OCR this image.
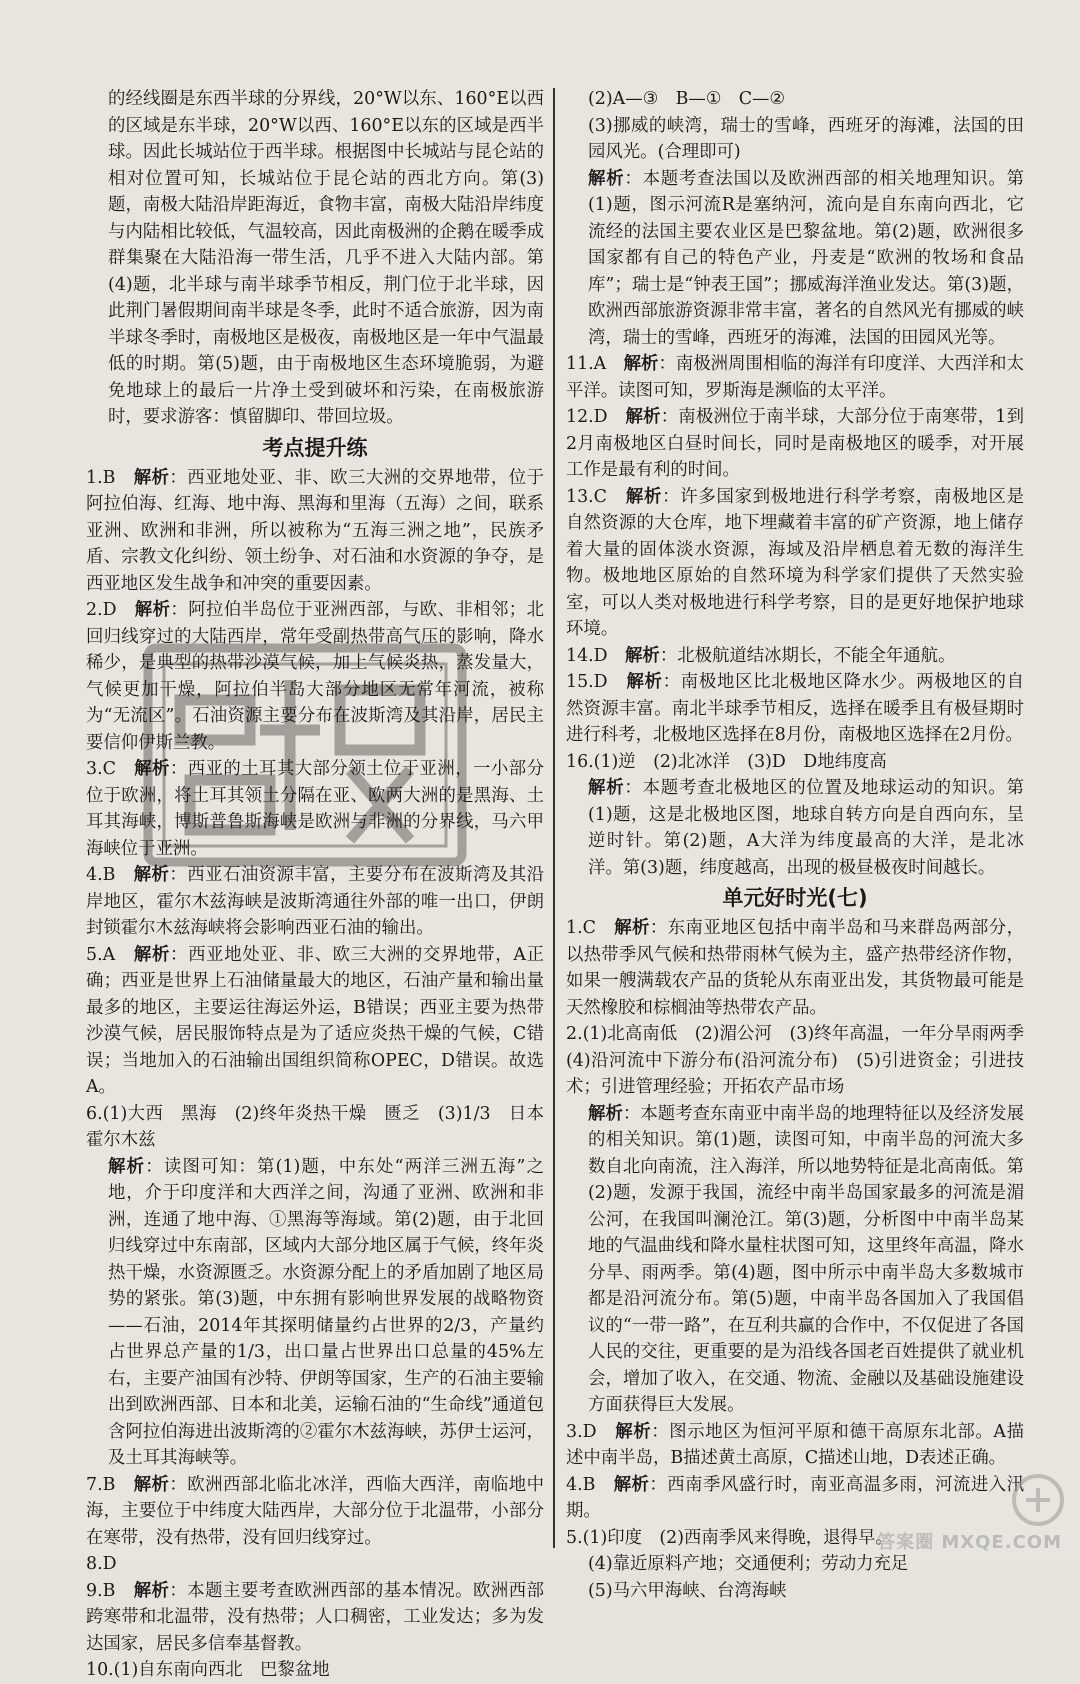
的经线圈是东西半球的分界线，20°W以东、160°E以西的区域是东半球，20°W以西、160°E以东的区域是西半球。因此长城站位于西半球。根据图中长城站与昆仑站的相对位置可知，长城站位于昆仑站的西北方向。第(3)题，南极大陆沿岸距海近，食物丰富，南极大陆沿岸纬度与内陆相比较低，气温较高，因此南极洲的企鹅在暖季成群集聚在大陆沿海一带生活，几乎不进入大陆内部。第(4)题，北半球与南半球季节相反，荆门位于北半球，因此荆门暑假期间南半球是冬季，此时不适合旅游，因为南半球冬季时，南极地区是极夜，南极地区是一年中气温最低的时期。第(5)题，由于南极地区生态环境脆弱，为避免地球上的最后一片净土受到破坏和污染，在南极旅游时，要求游客：慎留脚印、带回垃圾。
考点提升练
1.B　 解析：西亚地处亚、非、欧三大洲的交界地带，位于阿拉伯海、红海、地中海、黑海和里海（五海）之间，联系亚洲、欧洲和非洲，所以被称为“五海三洲之地”，民族矛盾、宗教文化纠纷、领土纷争、对石油和水资源的争夺，是西亚地区发生战争和冲突的重要因素。
2.D　 解析：阿拉伯半岛位于亚洲西部，与欧、非相邻；北回归线穿过的大陆西岸，常年受副热带高气压的影响，降水稀少，是典型的热带沙漠气候，加上气候炎热，蒸发量大，气候更加干燥，阿拉伯半岛大部分地区无常年河流，被称为“无流区”。石油资源主要分布在波斯湾及其沿岸，居民主要信仰伊斯兰教。
3.C　 解析：西亚的土耳其大部分领土位于亚洲，一小部分位于欧洲，将土耳其领土分隔在亚、欧两大洲的是黑海、土耳其海峡，博斯普鲁斯海峡是欧洲与非洲的分界线，马六甲海峡位于亚洲。
4.B　 解析：西亚石油资源丰富，主要分布在波斯湾及其沿岸地区，霍尔木兹海峡是波斯湾通往外部的唯一出口，伊朗封锁霍尔木兹海峡将会影响西亚石油的输出。
5.A　 解析：西亚地处亚、非、欧三大洲的交界地带，A正确；西亚是世界上石油储量最大的地区，石油产量和输出量最多的地区，主要运往海运外运，B错误；西亚主要为热带沙漠气候，居民服饰特点是为了适应炎热干燥的气候，C错误；当地加入的石油输出国组织简称OPEC，D错误。故选A。
6.(1)大西　黑海　(2)终年炎热干燥　匮乏　(3)1/3　日本　霍尔木兹
解析：读图可知：第(1)题，中东处“两洋三洲五海”之地，介于印度洋和大西洋之间，沟通了亚洲、欧洲和非洲，连通了地中海、①黑海等海域。第(2)题，由于北回归线穿过中东南部，区域内大部分地区属于气候，终年炎热干燥，水资源匮乏。水资源分配上的矛盾加剧了地区局势的紧张。第(3)题，中东拥有影响世界发展的战略物资——石油，2014年其探明储量约占世界的2/3，产量约占世界总产量的1/3，出口量占世界出口总量的45%左右，主要产油国有沙特、伊朗等国家，生产的石油主要输出到欧洲西部、日本和北美，运输石油的“生命线”通道包含阿拉伯海进出波斯湾的②霍尔木兹海峡，苏伊士运河，及土耳其海峡等。
7.B　 解析：欧洲西部北临北冰洋，西临大西洋，南临地中海，主要位于中纬度大陆西岸，大部分位于北温带，小部分在寒带，没有热带，没有回归线穿过。
8.D
9.B　 解析：本题主要考查欧洲西部的基本情况。欧洲西部跨寒带和北温带，没有热带；人口稠密，工业发达；多为发达国家，居民多信奉基督教。
10.(1)自东南向西北　巴黎盆地
(2)A—③　B—①　C—②
(3)挪威的峡湾，瑞士的雪峰，西班牙的海滩，法国的田园风光。(合理即可)
解析：本题考查法国以及欧洲西部的相关地理知识。第(1)题，图示河流R是塞纳河，流向是自东南向西北，它流经的法国主要农业区是巴黎盆地。第(2)题，欧洲很多国家都有自己的特色产业，丹麦是“欧洲的牧场和食品库”；瑞士是“钟表王国”；挪威海洋渔业发达。第(3)题，欧洲西部旅游资源非常丰富，著名的自然风光有挪威的峡湾，瑞士的雪峰，西班牙的海滩，法国的田园风光等。
11.A　 解析：南极洲周围相临的海洋有印度洋、大西洋和太平洋。读图可知，罗斯海是濒临的太平洋。
12.D　 解析：南极洲位于南半球，大部分位于南寒带，1到2月南极地区白昼时间长，同时是南极地区的暖季，对开展工作是最有利的时间。
13.C　 解析：许多国家到极地进行科学考察，南极地区是自然资源的大仓库，地下埋藏着丰富的矿产资源，地上储存着大量的固体淡水资源，海域及沿岸栖息着无数的海洋生物。极地地区原始的自然环境为科学家们提供了天然实验室，可以人类对极地进行科学考察，目的是更好地保护地球环境。
14.D　 解析：北极航道结冰期长，不能全年通航。
15.D　 解析：南极地区比北极地区降水少。两极地区的自然资源丰富。南北半球季节相反，选择在暖季且有极昼期时进行科考，北极地区选择在8月份，南极地区选择在2月份。
16.(1)逆　(2)北冰洋　(3)D　D地纬度高
解析：本题考查北极地区的位置及地球运动的知识。第(1)题，这是北极地区图，地球自转方向是自西向东，呈逆时针。第(2)题，A大洋为纬度最高的大洋，是北冰洋。第(3)题，纬度越高，出现的极昼极夜时间越长。
单元好时光(七)
1.C　 解析：东南亚地区包括中南半岛和马来群岛两部分，以热带季风气候和热带雨林气候为主，盛产热带经济作物，如果一艘满载农产品的货轮从东南亚出发，其货物最可能是天然橡胶和棕榈油等热带农产品。
2.(1)北高南低　(2)湄公河　(3)终年高温，一年分旱雨两季　(4)沿河流中下游分布(沿河流分布)　(5)引进资金；引进技术；引进管理经验；开拓农产品市场
解析：本题考查东南亚中南半岛的地理特征以及经济发展的相关知识。第(1)题，读图可知，中南半岛的河流大多数自北向南流，注入海洋，所以地势特征是北高南低。第(2)题，发源于我国，流经中南半岛国家最多的河流是湄公河，在我国叫澜沧江。第(3)题，分析图中中南半岛某地的气温曲线和降水量柱状图可知，这里终年高温，降水分旱、雨两季。第(4)题，图中所示中南半岛大多数城市都是沿河流分布。第(5)题，中南半岛各国加入了我国倡议的“一带一路”，在互利共赢的合作中，不仅促进了各国人民的交往，更重要的是为沿线各国老百姓提供了就业机会，增加了收入，在交通、物流、金融以及基础设施建设方面获得巨大发展。
3.D　 解析：图示地区为恒河平原和德干高原东北部。A描述中南半岛，B描述黄土高原，C描述山地，D表述正确。
4.B　 解析：西南季风盛行时，南亚高温多雨，河流进入汛期。
5.(1)印度　(2)西南季风来得晚，退得早。
(4)靠近原料产地；交通便利；劳动力充足
(5)马六甲海峡、台湾海峡
答案圈 MXQE.COM
